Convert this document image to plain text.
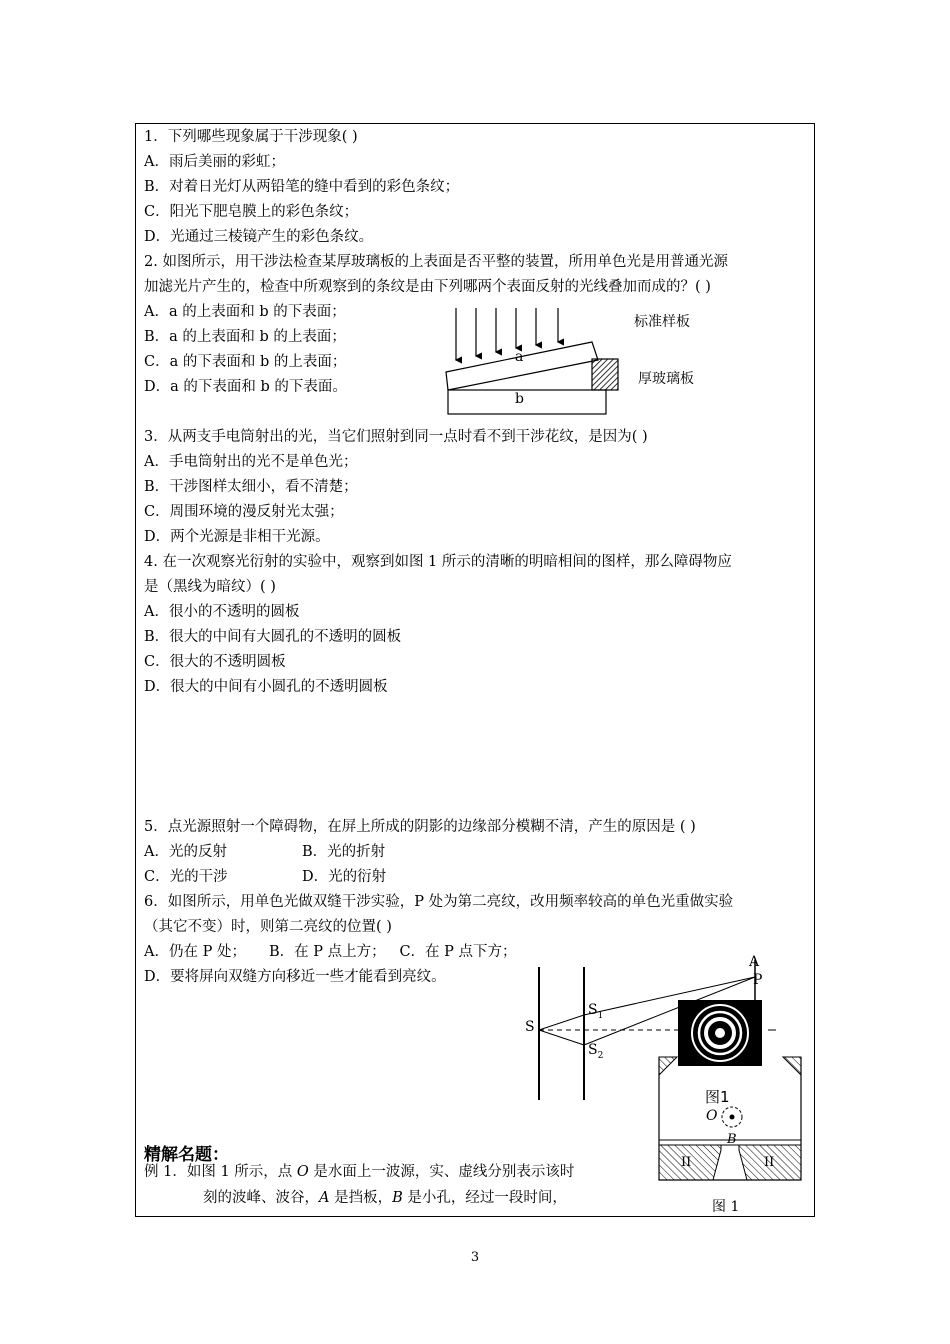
1．下列哪些现象属于干涉现象( )
A．雨后美丽的彩虹；
B．对着日光灯从两铅笔的缝中看到的彩色条纹；
C．阳光下肥皂膜上的彩色条纹；
D．光通过三棱镜产生的彩色条纹。
2. 如图所示，用干涉法检查某厚玻璃板的上表面是否平整的装置，所用单色光是用普通光源
加滤光片产生的，检查中所观察到的条纹是由下列哪两个表面反射的光线叠加而成的？( )
A．a 的上表面和 b 的下表面；
B．a 的上表面和 b 的上表面；
C．a 的下表面和 b 的上表面；
D．a 的下表面和 b 的下表面。
a
b
标准样板
厚玻璃板
3．从两支手电筒射出的光，当它们照射到同一点时看不到干涉花纹，是因为( )
A．手电筒射出的光不是单色光；
B．干涉图样太细小，看不清楚；
C．周围环境的漫反射光太强；
D．两个光源是非相干光源。
4. 在一次观察光衍射的实验中，观察到如图 1 所示的清晰的明暗相间的图样，那么障碍物应
是（黑线为暗纹）( )
A．很小的不透明的圆板
B．很大的中间有大圆孔的不透明的圆板
C．很大的不透明圆板
D．很大的中间有小圆孔的不透明圆板
5．点光源照射一个障碍物，在屏上所成的阴影的边缘部分模糊不清，产生的原因是 ( )
A．光的反射	B．光的折射
C．光的干涉	D．光的衍射
6．如图所示，用单色光做双缝干涉实验，P 处为第二亮纹，改用频率较高的单色光重做实验
（其它不变）时，则第二亮纹的位置( )
A．仍在 P 处；     B．在 P 点上方；   C．在 P 点下方；
D．要将屏向双缝方向移近一些才能看到亮纹。
S
$S_1$
$S_2$
A
P
图1
O
B
II	II
图 1
精解名题：
例 1．如图 1 所示，点 O 是水面上一波源，实、虚线分别表示该时
刻的波峰、波谷，A 是挡板，B 是小孔，经过一段时间，
3
